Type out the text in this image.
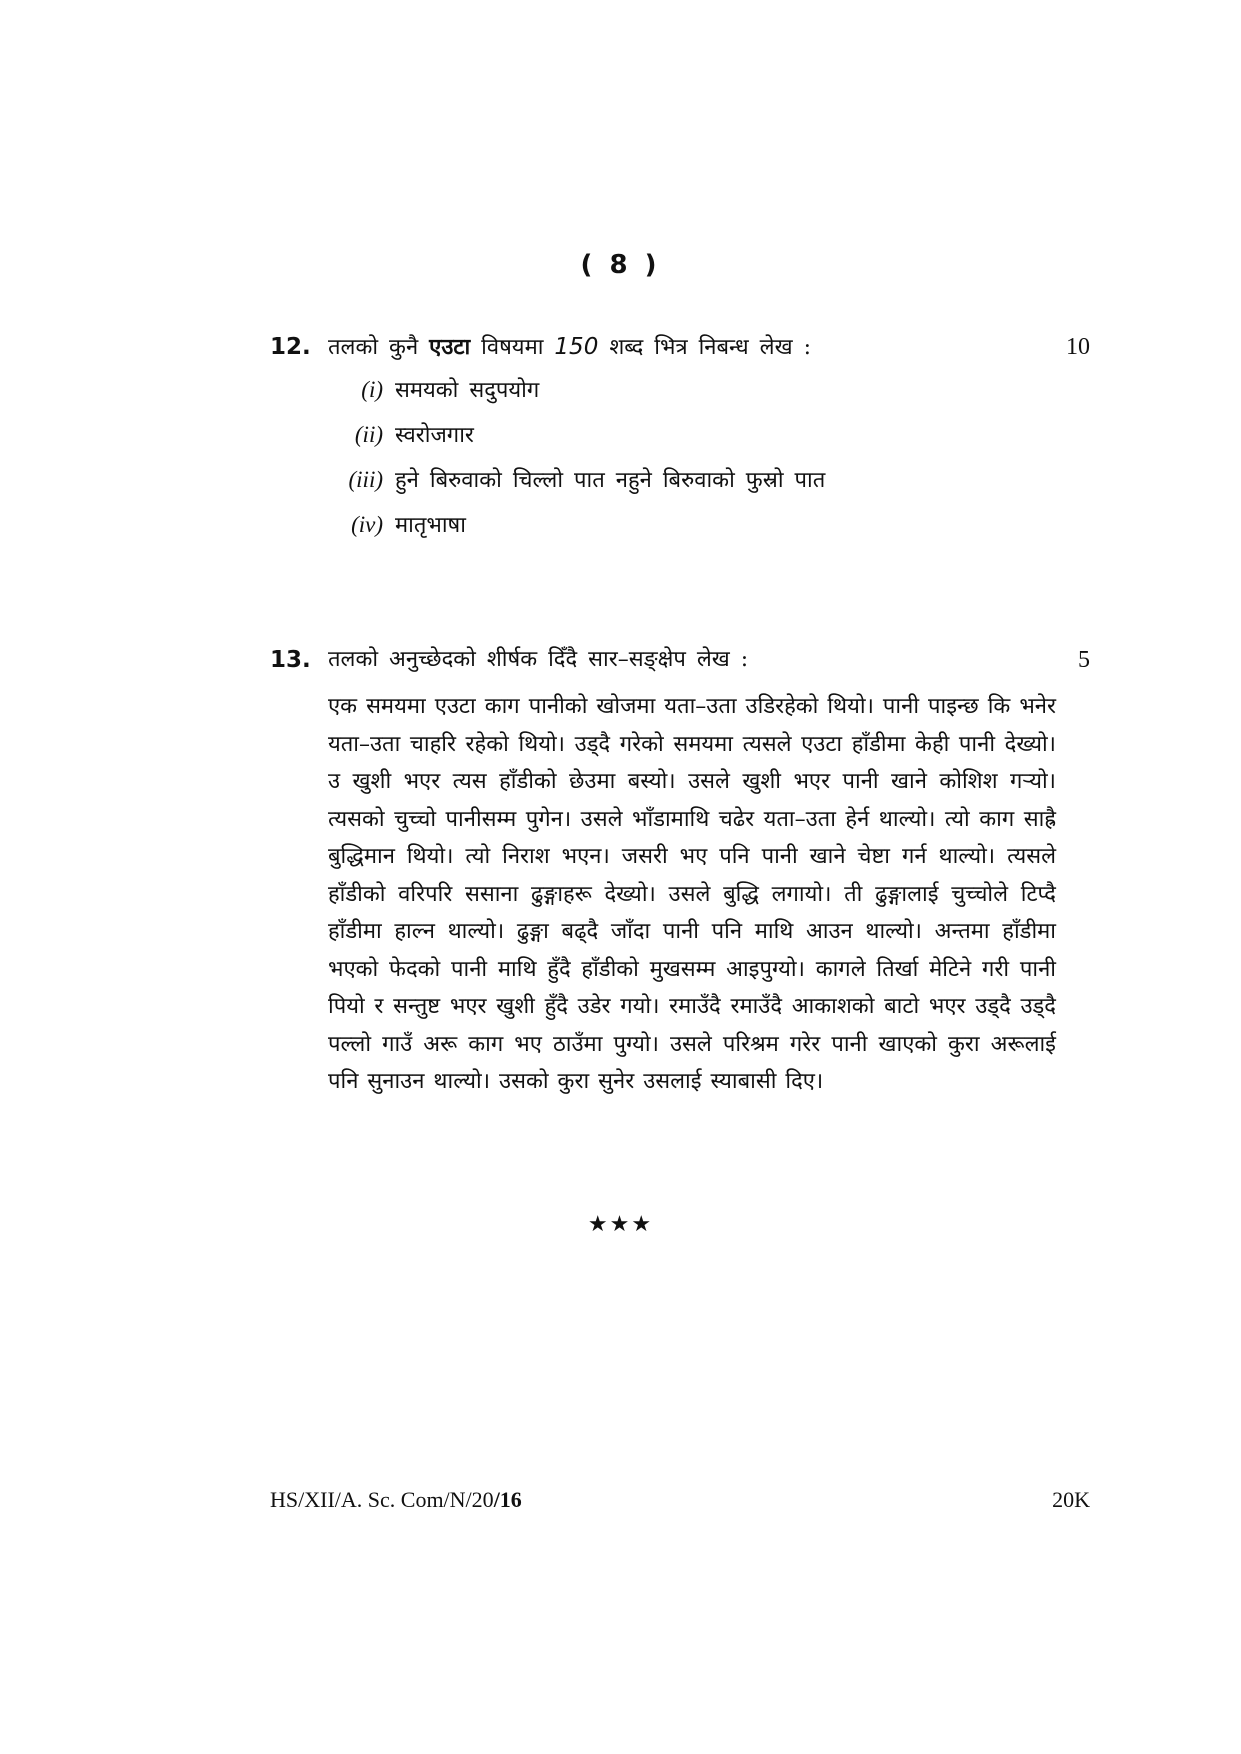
( 8 )
12. तलको कुनै एउटा विषयमा 150 शब्द भित्र निबन्ध लेख :	10
(i) समयको सदुपयोग
(ii) स्वरोजगार
(iii) हुने बिरुवाको चिल्लो पात नहुने बिरुवाको फुस्रो पात
(iv) मातृभाषा
13. तलको अनुच्छेदको शीर्षक दिँदै सार–सङ्क्षेप लेख :	5
एक समयमा एउटा काग पानीको खोजमा यता–उता उडिरहेको थियो। पानी पाइन्छ कि भनेर यता–उता चाहरि रहेको थियो। उड्दै गरेको समयमा त्यसले एउटा हाँडीमा केही पानी देख्यो। उ खुशी भएर त्यस हाँडीको छेउमा बस्यो। उसले खुशी भएर पानी खाने कोशिश गर्‍यो। त्यसको चुच्चो पानीसम्म पुगेन। उसले भाँडामाथि चढेर यता–उता हेर्न थाल्यो। त्यो काग साह्रै बुद्धिमान थियो। त्यो निराश भएन। जसरी भए पनि पानी खाने चेष्टा गर्न थाल्यो। त्यसले हाँडीको वरिपरि ससाना ढुङ्गाहरू देख्यो। उसले बुद्धि लगायो। ती ढुङ्गालाई चुच्चोले टिप्दै हाँडीमा हाल्न थाल्यो। ढुङ्गा बढ्दै जाँदा पानी पनि माथि आउन थाल्यो। अन्तमा हाँडीमा भएको फेदको पानी माथि हुँदै हाँडीको मुखसम्म आइपुग्यो। कागले तिर्खा मेटिने गरी पानी पियो र सन्तुष्ट भएर खुशी हुँदै उडेर गयो। रमाउँदै रमाउँदै आकाशको बाटो भएर उड्दै उड्दै पल्लो गाउँ अरू काग भए ठाउँमा पुग्यो। उसले परिश्रम गरेर पानी खाएको कुरा अरूलाई पनि सुनाउन थाल्यो। उसको कुरा सुनेर उसलाई स्याबासी दिए।
★★★
HS/XII/A. Sc. Com/N/20/16	20K
